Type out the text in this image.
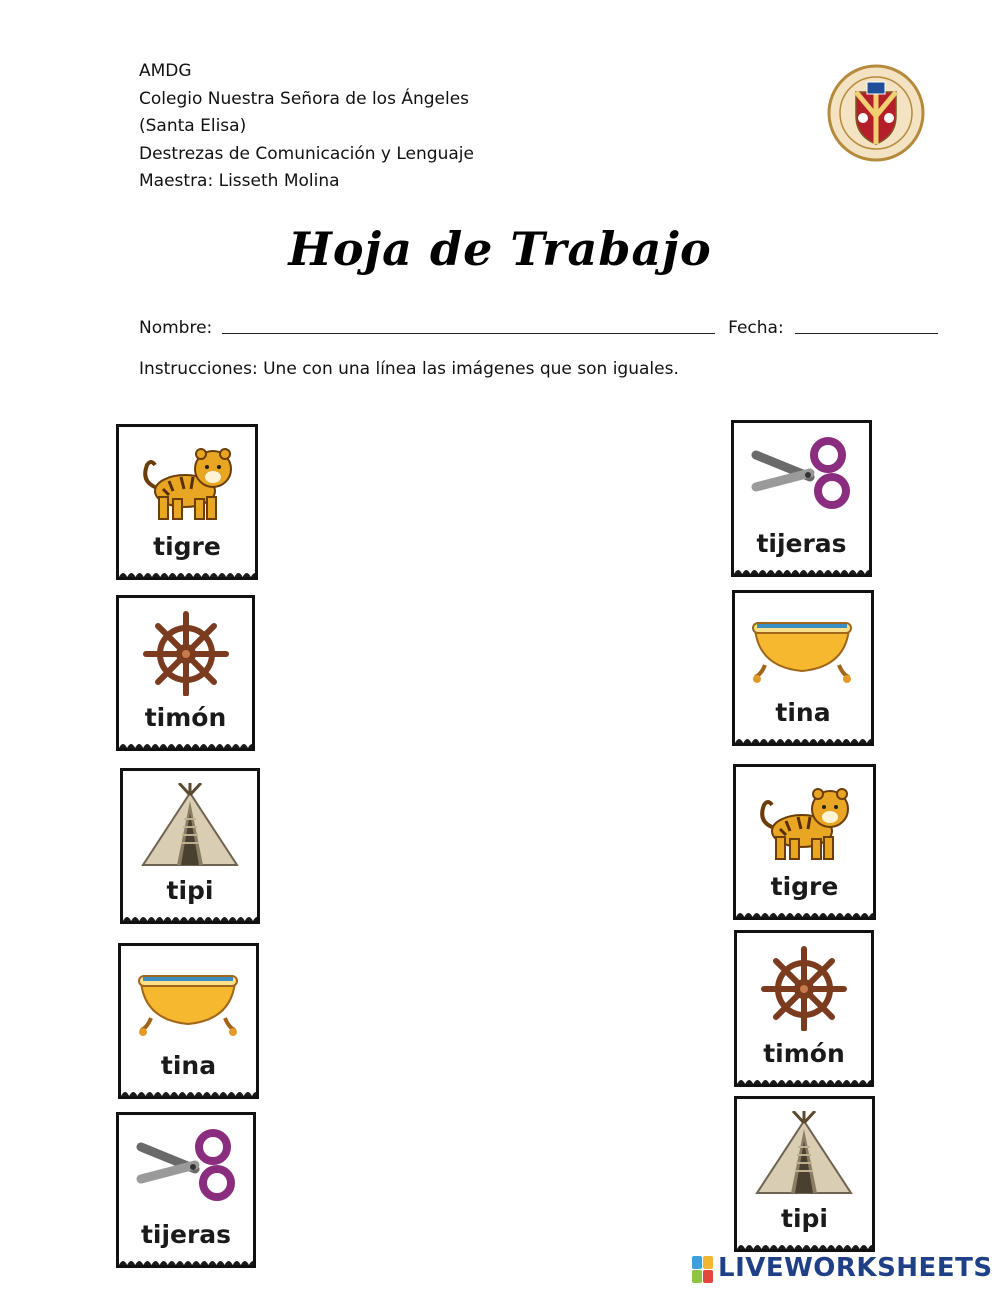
AMDG
Colegio Nuestra Señora de los Ángeles
(Santa Elisa)
Destrezas de Comunicación y Lenguaje
Maestra: Lisseth Molina
Hoja de Trabajo
Nombre:	Fecha:
Instrucciones: Une con una línea las imágenes que son iguales.
tigre
timón
tipi
tina
tijeras
tijeras
tina
tigre
timón
tipi
LIVEWORKSHEETS
